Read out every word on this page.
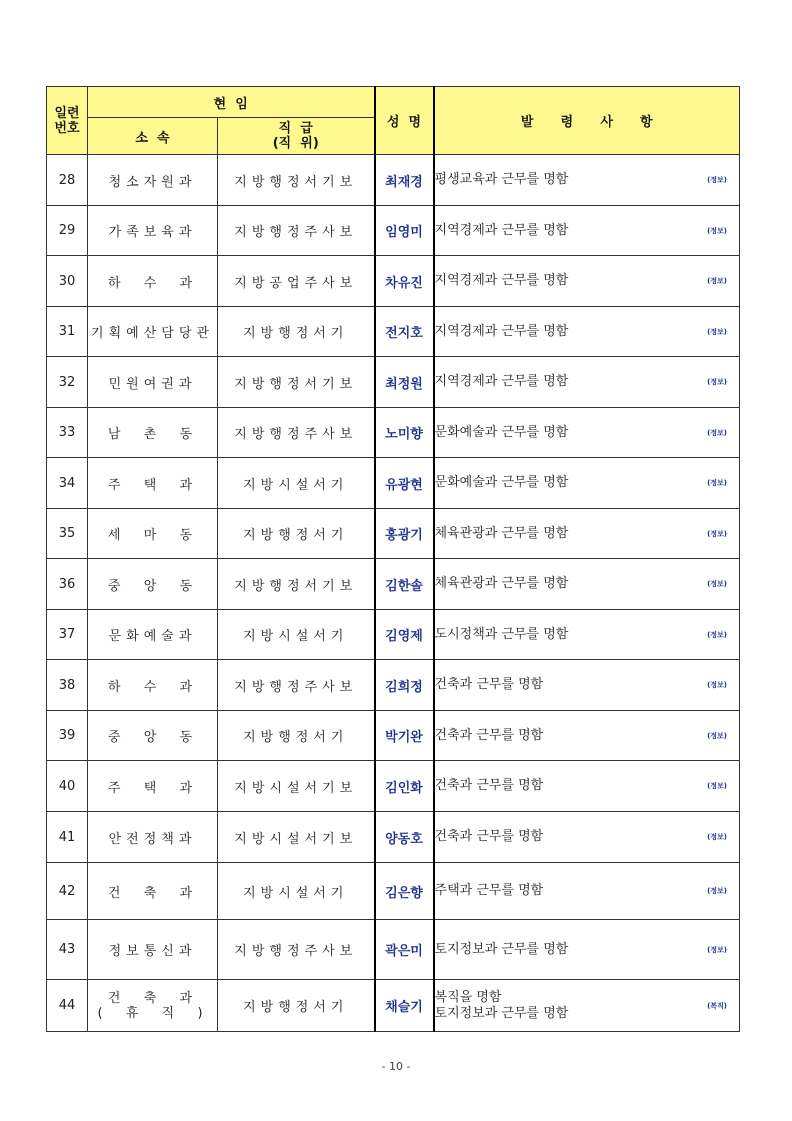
일련
번호	현  임		성  명	발      령      사      항
	소  속	직  급
(직  위)		

28	청소자원과	지방행정서기보	최재경	평생교육과 근무를 명함 (정보)

29	가족보육과	지방행정주사보	임영미	지역경제과 근무를 명함 (정보)

30	하  수  과	지방공업주사보	차유진	지역경제과 근무를 명함 (정보)

31	기획예산담당관	지방행정서기	전지호	지역경제과 근무를 명함 (정보)

32	민원여권과	지방행정서기보	최정원	지역경제과 근무를 명함 (정보)

33	남  촌  동	지방행정주사보	노미향	문화예술과 근무를 명함 (정보)

34	주  택  과	지방시설서기	유광현	문화예술과 근무를 명함 (정보)

35	세  마  동	지방행정서기	홍광기	체육관광과 근무를 명함 (정보)

36	중  앙  동	지방행정서기보	김한솔	체육관광과 근무를 명함 (정보)

37	문화예술과	지방시설서기	김영제	도시정책과 근무를 명함 (정보)

38	하  수  과	지방행정주사보	김희정	건축과 근무를 명함 (정보)

39	중  앙  동	지방행정서기	박기완	건축과 근무를 명함 (정보)

40	주  택  과	지방시설서기보	김인화	건축과 근무를 명함 (정보)

41	안전정책과	지방시설서기보	양동호	건축과 근무를 명함 (정보)

42	건  축  과	지방시설서기	김은향	주택과 근무를 명함 (정보)

43	정보통신과	지방행정주사보	곽은미	토지정보과 근무를 명함 (정보)

44	건  축  과
(  휴  직  )	지방행정서기	채슬기	복직을 명함
토지정보과 근무를 명함 (복직)
- 10 -
